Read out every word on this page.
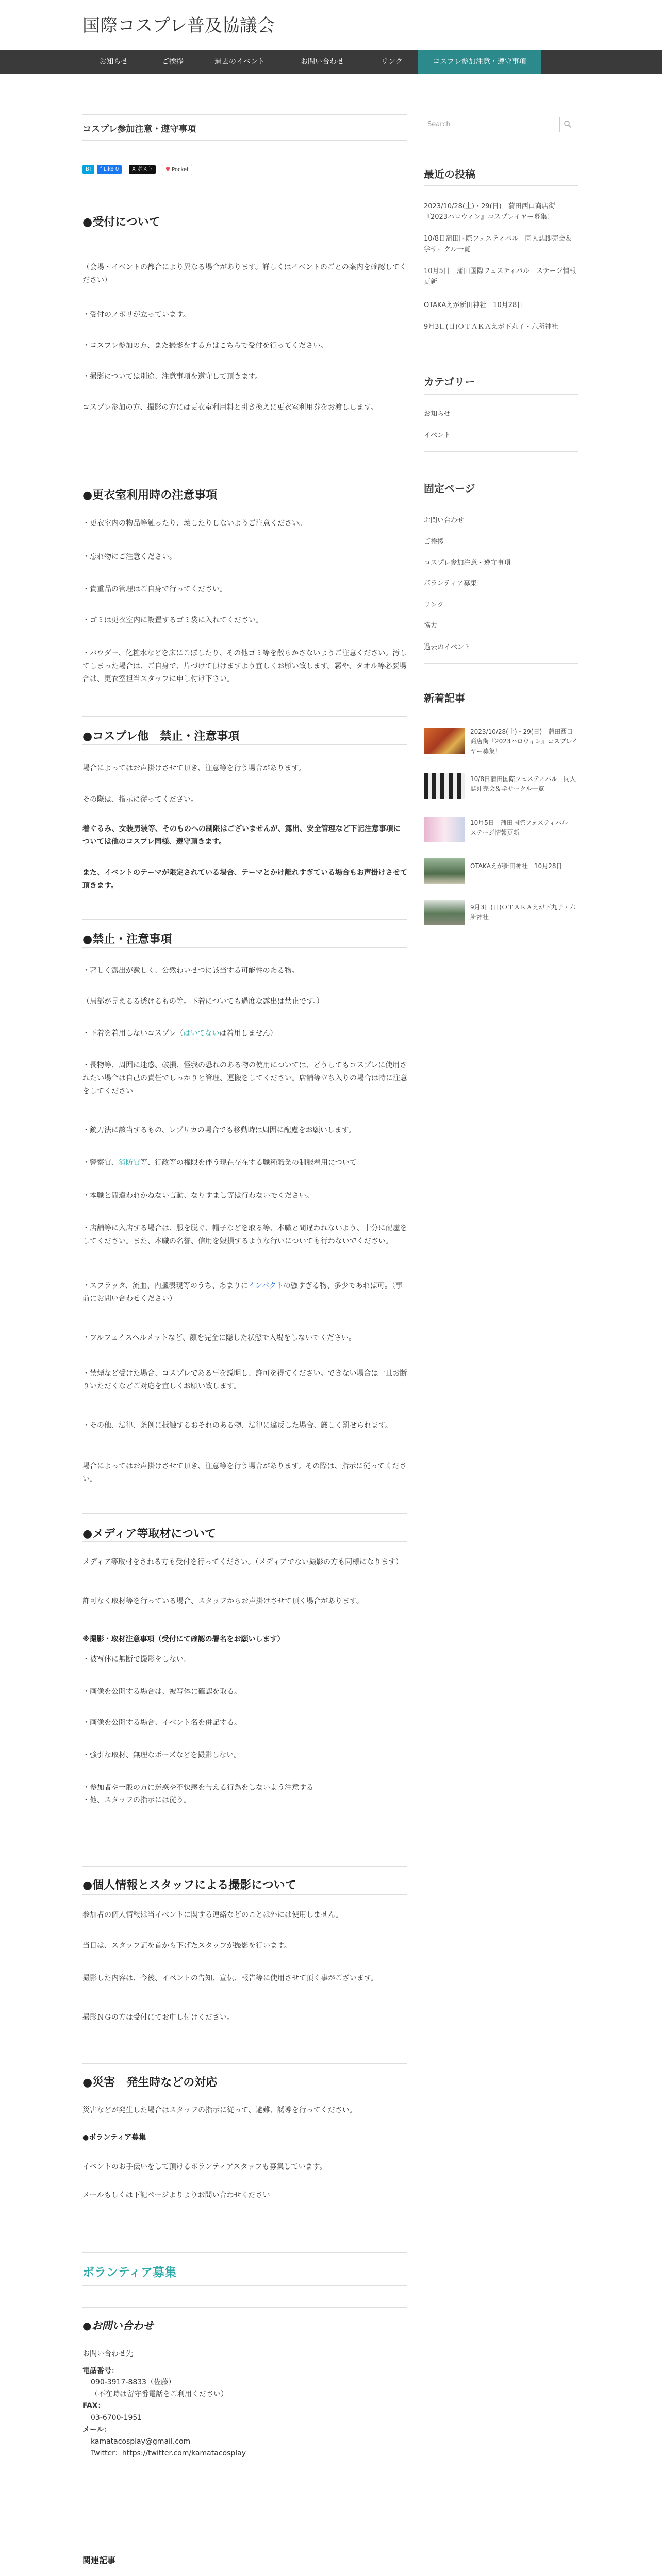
国際コスプレ普及協議会
お知らせ	ご挨拶	過去のイベント	お問い合わせ	リンク	コスプレ参加注意・遵守事項
コスプレ参加注意・遵守事項
B!	f Like 0	X ポスト	♥ Pocket
●受付について
（会場・イベントの都合により異なる場合があります。詳しくはイベントのごとの案内を確認してください）
・受付のノボリが立っています。
・コスプレ参加の方、また撮影をする方はこちらで受付を行ってください。
・撮影については別途、注意事項を遵守して頂きます。
コスプレ参加の方、撮影の方には更衣室利用料と引き換えに更衣室利用券をお渡しします。
●更衣室利用時の注意事項
・更衣室内の物品等触ったり、壊したりしないようご注意ください。
・忘れ物にご注意ください。
・貴重品の管理はご自身で行ってください。
・ゴミは更衣室内に設置するゴミ袋に入れてください。
・パウダー、化粧水などを床にこぼしたり、その他ゴミ等を散らかさないようご注意ください。汚してしまった場合は、ご自身で、片づけて頂けますよう宜しくお願い致します。霧や、タオル等必要場合は、更衣室担当スタッフに申し付け下さい。
●コスプレ他　禁止・注意事項
場合によってはお声掛けさせて頂き、注意等を行う場合があります。
その際は、指示に従ってください。
着ぐるみ、女装男装等、そのものへの制限はございませんが、露出、安全管理など下記注意事項については他のコスプレ同様、遵守頂きます。
また、イベントのテーマが限定されている場合、テーマとかけ離れすぎている場合もお声掛けさせて頂きます。
●禁止・注意事項
・著しく露出が激しく、公然わいせつに該当する可能性のある物。
（局部が見えるる透けるもの等。下着についても過度な露出は禁止です。）
・下着を着用しないコスプレ（はいてないは着用しません）
・長物等、周囲に迷惑、破損、怪我の恐れのある物の使用については、どうしてもコスプレに使用されたい場合は自己の責任でしっかりと管理、運搬をしてください。店舗等立ち入りの場合は特に注意をしてください
・銃刀法に該当するもの、レプリカの場合でも移動時は周囲に配慮をお願いします。
・警察官、消防官等、行政等の権限を伴う現在存在する職種職業の制服着用について
・本職と間違われかねない言動、なりすまし等は行わないでください。
・店舗等に入店する場合は、服を脱ぐ、帽子などを取る等、本職と間違われないよう、十分に配慮をしてください。また、本職の名誉、信用を毀損するような行いについても行わないでください。
・スプラッタ、流血、内臓表現等のうち、あまりにインパクトの強すぎる物、多少であれば可。（事前にお問い合わせください）
・フルフェイスヘルメットなど、顔を完全に隠した状態で入場をしないでください。
・禁煙など受けた場合、コスプレである事を説明し、許可を得てください。できない場合は一旦お断りいただくなどご対応を宜しくお願い致します。
・その他、法律、条例に抵触するおそれのある物、法律に違反した場合、厳しく罰せられます。
場合によってはお声掛けさせて頂き、注意等を行う場合があります。その際は、指示に従ってください。
●メディア等取材について
メディア等取材をされる方も受付を行ってください。（メディアでない撮影の方も同様になります）
許可なく取材等を行っている場合、スタッフからお声掛けさせて頂く場合があります。
※撮影・取材注意事項（受付にて確認の署名をお願いします）
・被写体に無断で撮影をしない。
・画像を公開する場合は、被写体に確認を取る。
・画像を公開する場合、イベント名を併記する。
・強引な取材、無理なポーズなどを撮影しない。
・参加者や一般の方に迷惑や不快感を与える行為をしないよう注意する
・他、スタッフの指示には従う。
●個人情報とスタッフによる撮影について
参加者の個人情報は当イベントに関する連絡などのことは外には使用しません。
当日は、スタッフ証を首から下げたスタッフが撮影を行います。
撮影した内容は、今後、イベントの告知、宣伝、報告等に使用させて頂く事がございます。
撮影ＮＧの方は受付にてお申し付けください。
●災害　発生時などの対応
災害などが発生した場合はスタッフの指示に従って、避難、誘導を行ってください。
●ボランティア募集
イベントのお手伝いをして頂けるボランティアスタッフも募集しています。
メールもしくは下記ページよりよりお問い合わせください
ボランティア募集
●お問い合わせ
お問い合わせ先
電話番号：
090-3917-8833（佐藤）
（不在時は留守番電話をご利用ください）
FAX：
03-6700-1951
メール：
kamatacosplay@gmail.com
Twitter：https://twitter.com/kamatacosplay
関連記事
Search
最近の投稿
2023/10/28(土)・29(日)　蒲田西口商店街『2023ハロウィン』コスプレイヤー募集！
10/8日蒲田国際フェスティバル　同人誌即売会＆学サークル一覧
10月5日　蒲田国際フェスティバル　ステージ情報更新
OTAKAえが新田神社　10月28日
9月3日(日)ＯＴＡＫＡえが下丸子・六所神社
カテゴリー
お知らせ
イベント
固定ページ
お問い合わせ
ご挨拶
コスプレ参加注意・遵守事項
ボランティア募集
リンク
協力
過去のイベント
新着記事
2023/10/28(土)・29(日)　蒲田西口商店街『2023ハロウィン』コスプレイヤー募集！
10/8日蒲田国際フェスティバル　同人誌即売会＆学サークル一覧
10月5日　蒲田国際フェスティバル　ステージ情報更新
OTAKAえが新田神社　10月28日
9月3日(日)ＯＴＡＫＡえが下丸子・六所神社
